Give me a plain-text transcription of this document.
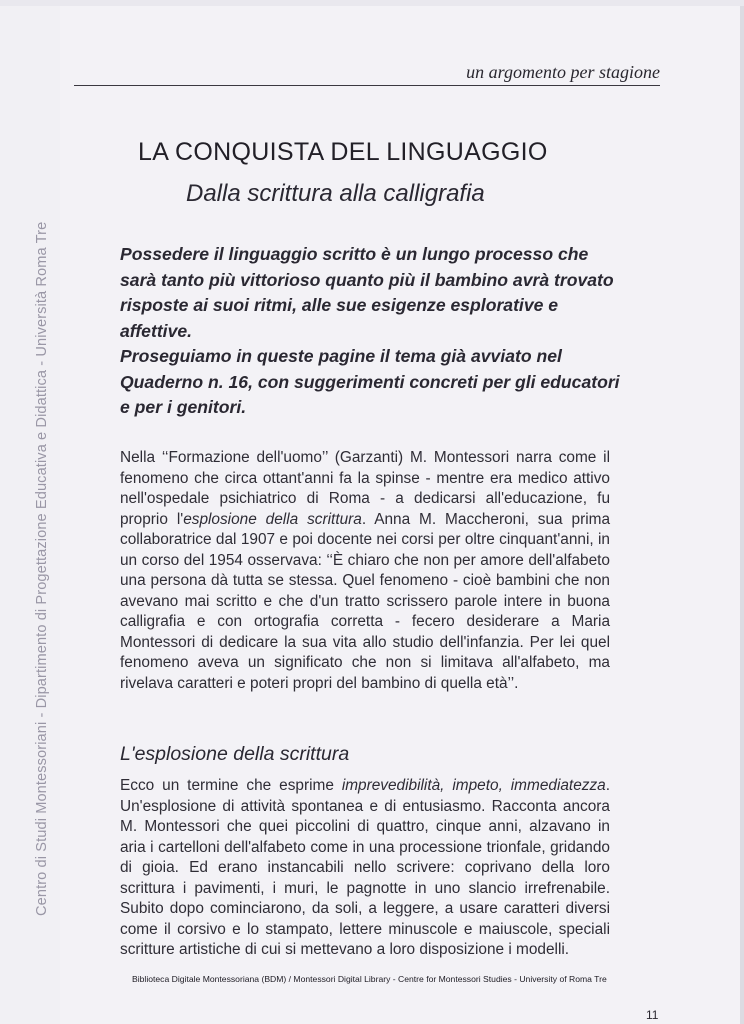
Centro di Studi Montessoriani - Dipartimento di Progettazione Educativa e Didattica - Università Roma Tre
un argomento per stagione
LA CONQUISTA DEL LINGUAGGIO
Dalla scrittura alla calligrafia

Possedere il linguaggio scritto è un lungo processo che sarà tanto più vittorioso quanto più il bambino avrà trovato risposte ai suoi ritmi, alle sue esigenze esplorative e affettive.

Proseguiamo in queste pagine il tema già avviato nel Quaderno n. 16, con suggerimenti concreti per gli educatori e per i genitori.

Nella ‘‘Formazione dell'uomo’’ (Garzanti) M. Montessori narra come il fenomeno che circa ottant'anni fa la spinse - mentre era medico attivo nell'ospedale psichiatrico di Roma - a dedicarsi all'educazione, fu proprio l'esplosione della scrittura. Anna M. Maccheroni, sua prima collaboratrice dal 1907 e poi docente nei corsi per oltre cinquant'anni, in un corso del 1954 osservava: ‘‘È chiaro che non per amore dell'alfabeto una persona dà tutta se stessa. Quel fenomeno - cioè bambini che non avevano mai scritto e che d'un tratto scrissero parole intere in buona calligrafia e con ortografia corretta - fecero desiderare a Maria Montessori di dedicare la sua vita allo studio dell'infanzia. Per lei quel fenomeno aveva un significato che non si limitava all'alfabeto, ma rivelava caratteri e poteri propri del bambino di quella età’’.

L'esplosione della scrittura

Ecco un termine che esprime imprevedibilità, impeto, immediatezza. Un'esplosione di attività spontanea e di entusiasmo. Racconta ancora M. Montessori che quei piccolini di quattro, cinque anni, alzavano in aria i cartelloni dell'alfabeto come in una processione trionfale, gridando di gioia. Ed erano instancabili nello scrivere: coprivano della loro scrittura i pavimenti, i muri, le pagnotte in uno slancio irrefrenabile. Subito dopo cominciarono, da soli, a leggere, a usare caratteri diversi come il corsivo e lo stampato, lettere minuscole e maiuscole, speciali scritture artistiche di cui si mettevano a loro disposizione i modelli.

Biblioteca Digitale Montessoriana (BDM) / Montessori Digital Library - Centre for Montessori Studies - University of Roma Tre
11
